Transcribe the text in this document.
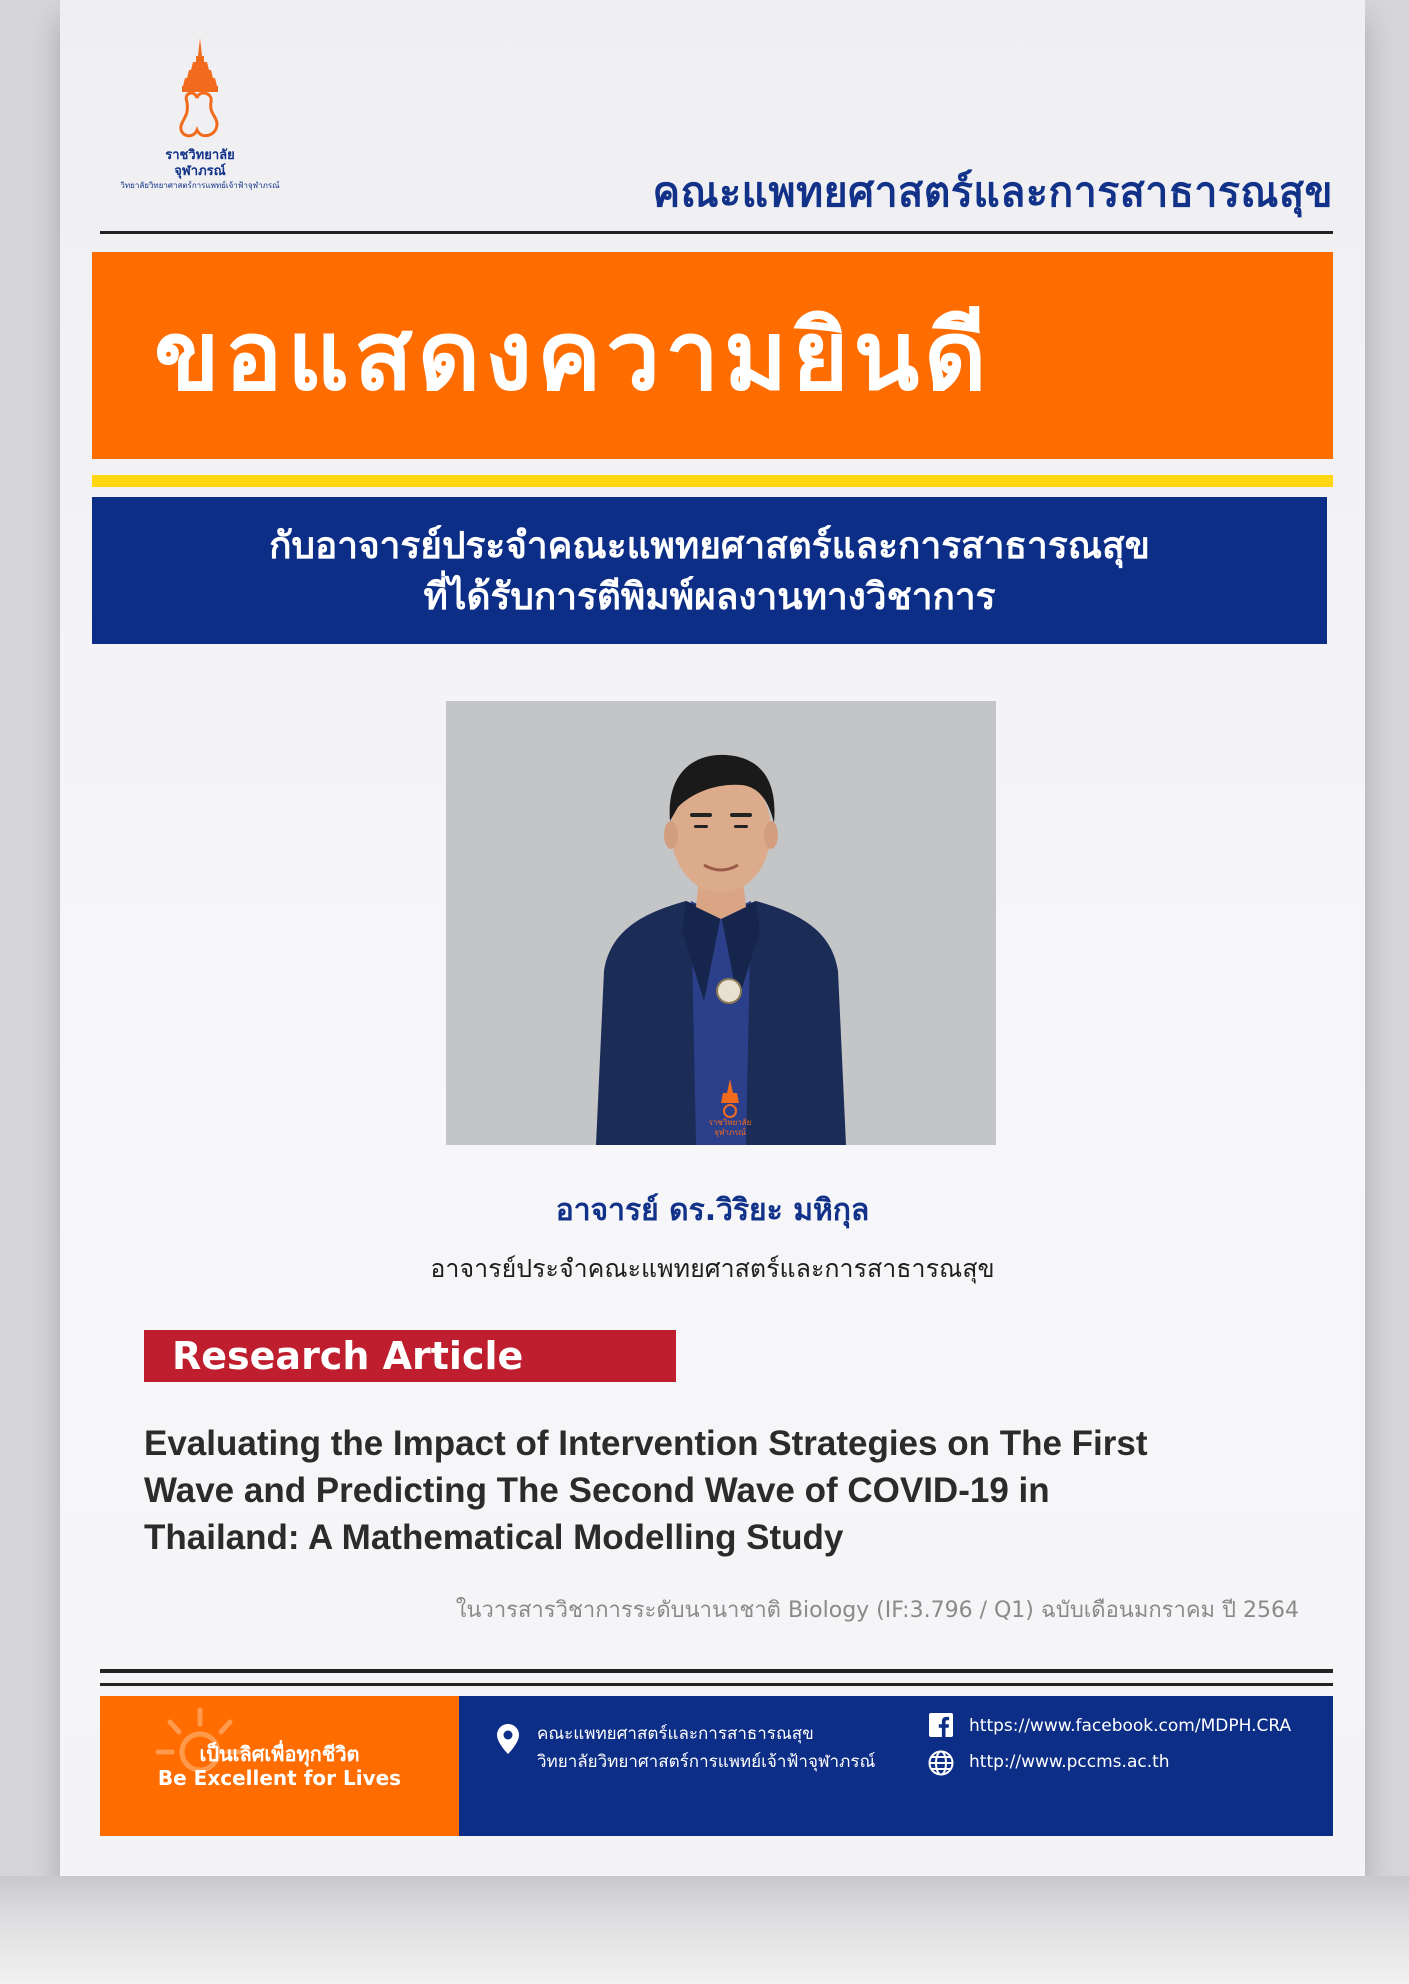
ราชวิทยาลัย
จุฬาภรณ์
วิทยาลัยวิทยาศาสตร์การแพทย์เจ้าฟ้าจุฬาภรณ์	คณะแพทยศาสตร์และการสาธารณสุข
ขอแสดงความยินดี
กับอาจารย์ประจำคณะแพทยศาสตร์และการสาธารณสุข
ที่ได้รับการตีพิมพ์ผลงานทางวิชาการ
ราชวิทยาลัย
จุฬาภรณ์
อาจารย์ ดร.วิริยะ มหิกุล
อาจารย์ประจำคณะแพทยศาสตร์และการสาธารณสุข
Research Article
Evaluating the Impact of Intervention Strategies on The First
Wave and Predicting The Second Wave of COVID-19 in
Thailand: A Mathematical Modelling Study
ในวารสารวิชาการระดับนานาชาติ Biology (IF:3.796 / Q1) ฉบับเดือนมกราคม ปี 2564
เป็นเลิศเพื่อทุกชีวิต
Be Excellent for Lives
คณะแพทยศาสตร์และการสาธารณสุข
วิทยาลัยวิทยาศาสตร์การแพทย์เจ้าฟ้าจุฬาภรณ์
https://www.facebook.com/MDPH.CRA
http://www.pccms.ac.th
